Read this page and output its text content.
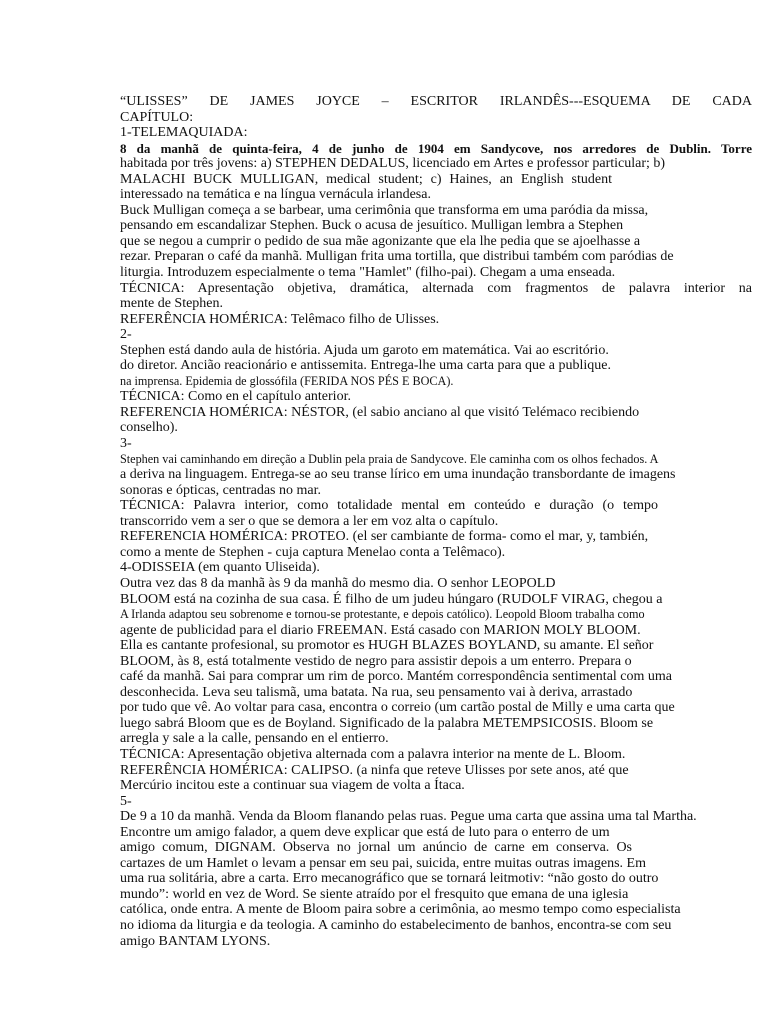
“ULISSES” DE JAMES JOYCE – ESCRITOR IRLANDÊS---ESQUEMA DE CADA
CAPÍTULO:
1-TELEMAQUIADA:
8 da manhã de quinta-feira, 4 de junho de 1904 em Sandycove, nos arredores de Dublin. Torre
habitada por três jovens: a) STEPHEN DEDALUS, licenciado em Artes e professor particular; b)
MALACHI BUCK MULLIGAN, medical student; c) Haines, an English student
interessado na temática e na língua vernácula irlandesa.
Buck Mulligan começa a se barbear, uma cerimônia que transforma em uma paródia da missa,
pensando em escandalizar Stephen. Buck o acusa de jesuítico. Mulligan lembra a Stephen
que se negou a cumprir o pedido de sua mãe agonizante que ela lhe pedia que se ajoelhasse a
rezar. Preparan o café da manhã. Mulligan frita uma tortilla, que distribui também com paródias de
liturgia. Introduzem especialmente o tema "Hamlet" (filho-pai). Chegam a uma enseada.
TÉCNICA: Apresentação objetiva, dramática, alternada com fragmentos de palavra interior na
mente de Stephen.
REFERÊNCIA HOMÉRICA: Telêmaco filho de Ulisses.
2-
Stephen está dando aula de história. Ajuda um garoto em matemática. Vai ao escritório.
do diretor. Ancião reacionário e antissemita. Entrega-lhe uma carta para que a publique.
na imprensa. Epidemia de glossófila (FERIDA NOS PÉS E BOCA).
TÉCNICA: Como en el capítulo anterior.
REFERENCIA HOMÉRICA: NÉSTOR, (el sabio anciano al que visitó Telémaco recibiendo
conselho).
3-
Stephen vai caminhando em direção a Dublin pela praia de Sandycove. Ele caminha com os olhos fechados. A
a deriva na linguagem. Entrega-se ao seu transe lírico em uma inundação transbordante de imagens
sonoras e ópticas, centradas no mar.
TÉCNICA: Palavra interior, como totalidade mental em conteúdo e duração (o tempo
transcorrido vem a ser o que se demora a ler em voz alta o capítulo.
REFERENCIA HOMÉRICA: PROTEO. (el ser cambiante de forma- como el mar, y, también,
como a mente de Stephen - cuja captura Menelao conta a Telêmaco).
4-ODISSEIA (em quanto Uliseida).
Outra vez das 8 da manhã às 9 da manhã do mesmo dia. O senhor LEOPOLD
BLOOM está na cozinha de sua casa. É filho de um judeu húngaro (RUDOLF VIRAG, chegou a
A Irlanda adaptou seu sobrenome e tornou-se protestante, e depois católico). Leopold Bloom trabalha como
agente de publicidad para el diario FREEMAN. Está casado con MARION MOLY BLOOM.
Ella es cantante profesional, su promotor es HUGH BLAZES BOYLAND, su amante. El señor
BLOOM, às 8, está totalmente vestido de negro para assistir depois a um enterro. Prepara o
café da manhã. Sai para comprar um rim de porco. Mantém correspondência sentimental com uma
desconhecida. Leva seu talismã, uma batata. Na rua, seu pensamento vai à deriva, arrastado
por tudo que vê. Ao voltar para casa, encontra o correio (um cartão postal de Milly e uma carta que
luego sabrá Bloom que es de Boyland. Significado de la palabra METEMPSICOSIS. Bloom se
arregla y sale a la calle, pensando en el entierro.
TÉCNICA: Apresentação objetiva alternada com a palavra interior na mente de L. Bloom.
REFERÊNCIA HOMÉRICA: CALIPSO. (a ninfa que reteve Ulisses por sete anos, até que
Mercúrio incitou este a continuar sua viagem de volta a Ítaca.
5-
De 9 a 10 da manhã. Venda da Bloom flanando pelas ruas. Pegue uma carta que assina uma tal Martha.
Encontre um amigo falador, a quem deve explicar que está de luto para o enterro de um
amigo comum, DIGNAM. Observa no jornal um anúncio de carne em conserva. Os
cartazes de um Hamlet o levam a pensar em seu pai, suicida, entre muitas outras imagens. Em
uma rua solitária, abre a carta. Erro mecanográfico que se tornará leitmotiv: “não gosto do outro
mundo”: world en vez de Word. Se siente atraído por el fresquito que emana de una iglesia
católica, onde entra. A mente de Bloom paira sobre a cerimônia, ao mesmo tempo como especialista
no idioma da liturgia e da teologia. A caminho do estabelecimento de banhos, encontra-se com seu
amigo BANTAM LYONS.
